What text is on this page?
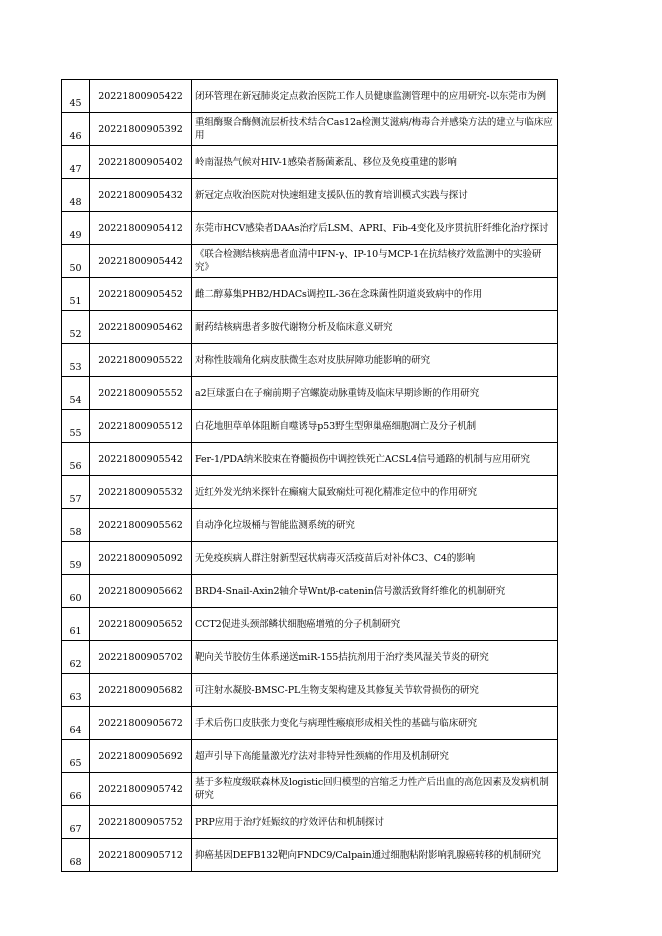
45	20221800905422	闭环管理在新冠肺炎定点救治医院工作人员健康监测管理中的应用研究-以东莞市为例
46	20221800905392	重组酶聚合酶侧流层析技术结合Cas12a检测艾滋病/梅毒合并感染方法的建立与临床应用
47	20221800905402	岭南湿热气候对HIV-1感染者肠菌紊乱、移位及免疫重建的影响
48	20221800905432	新冠定点收治医院对快速组建支援队伍的教育培训模式实践与探讨
49	20221800905412	东莞市HCV感染者DAAs治疗后LSM、APRI、Fib-4变化及序贯抗肝纤维化治疗探讨
50	20221800905442	《联合检测结核病患者血清中IFN-γ、IP-10与MCP-1在抗结核疗效监测中的实验研究》
51	20221800905452	雌二醇募集PHB2/HDACs调控IL-36在念珠菌性阴道炎致病中的作用
52	20221800905462	耐药结核病患者多胺代谢物分析及临床意义研究
53	20221800905522	对称性肢端角化病皮肤微生态对皮肤屏障功能影响的研究
54	20221800905552	a2巨球蛋白在子痫前期子宫螺旋动脉重铸及临床早期诊断的作用研究
55	20221800905512	白花地胆草单体阻断自噬诱导p53野生型卵巢癌细胞凋亡及分子机制
56	20221800905542	Fer-1/PDA纳米胶束在脊髓损伤中调控铁死亡ACSL4信号通路的机制与应用研究
57	20221800905532	近红外发光纳米探针在癫痫大鼠致痫灶可视化精准定位中的作用研究
58	20221800905562	自动净化垃圾桶与智能监测系统的研究
59	20221800905092	无免疫疾病人群注射新型冠状病毒灭活疫苗后对补体C3、C4的影响
60	20221800905662	BRD4-Snail-Axin2轴介导Wnt/β-catenin信号激活致肾纤维化的机制研究
61	20221800905652	CCT2促进头颈部鳞状细胞癌增殖的分子机制研究
62	20221800905702	靶向关节胶仿生体系递送miR-155拮抗剂用于治疗类风湿关节炎的研究
63	20221800905682	可注射水凝胶-BMSC-PL生物支架构建及其修复关节软骨损伤的研究
64	20221800905672	手术后伤口皮肤张力变化与病理性瘢痕形成相关性的基础与临床研究
65	20221800905692	超声引导下高能量激光疗法对非特异性颈痛的作用及机制研究
66	20221800905742	基于多粒度级联森林及logistic回归模型的宫缩乏力性产后出血的高危因素及发病机制研究
67	20221800905752	PRP应用于治疗妊娠纹的疗效评估和机制探讨
68	20221800905712	抑癌基因DEFB132靶向FNDC9/Calpain通过细胞粘附影响乳腺癌转移的机制研究
